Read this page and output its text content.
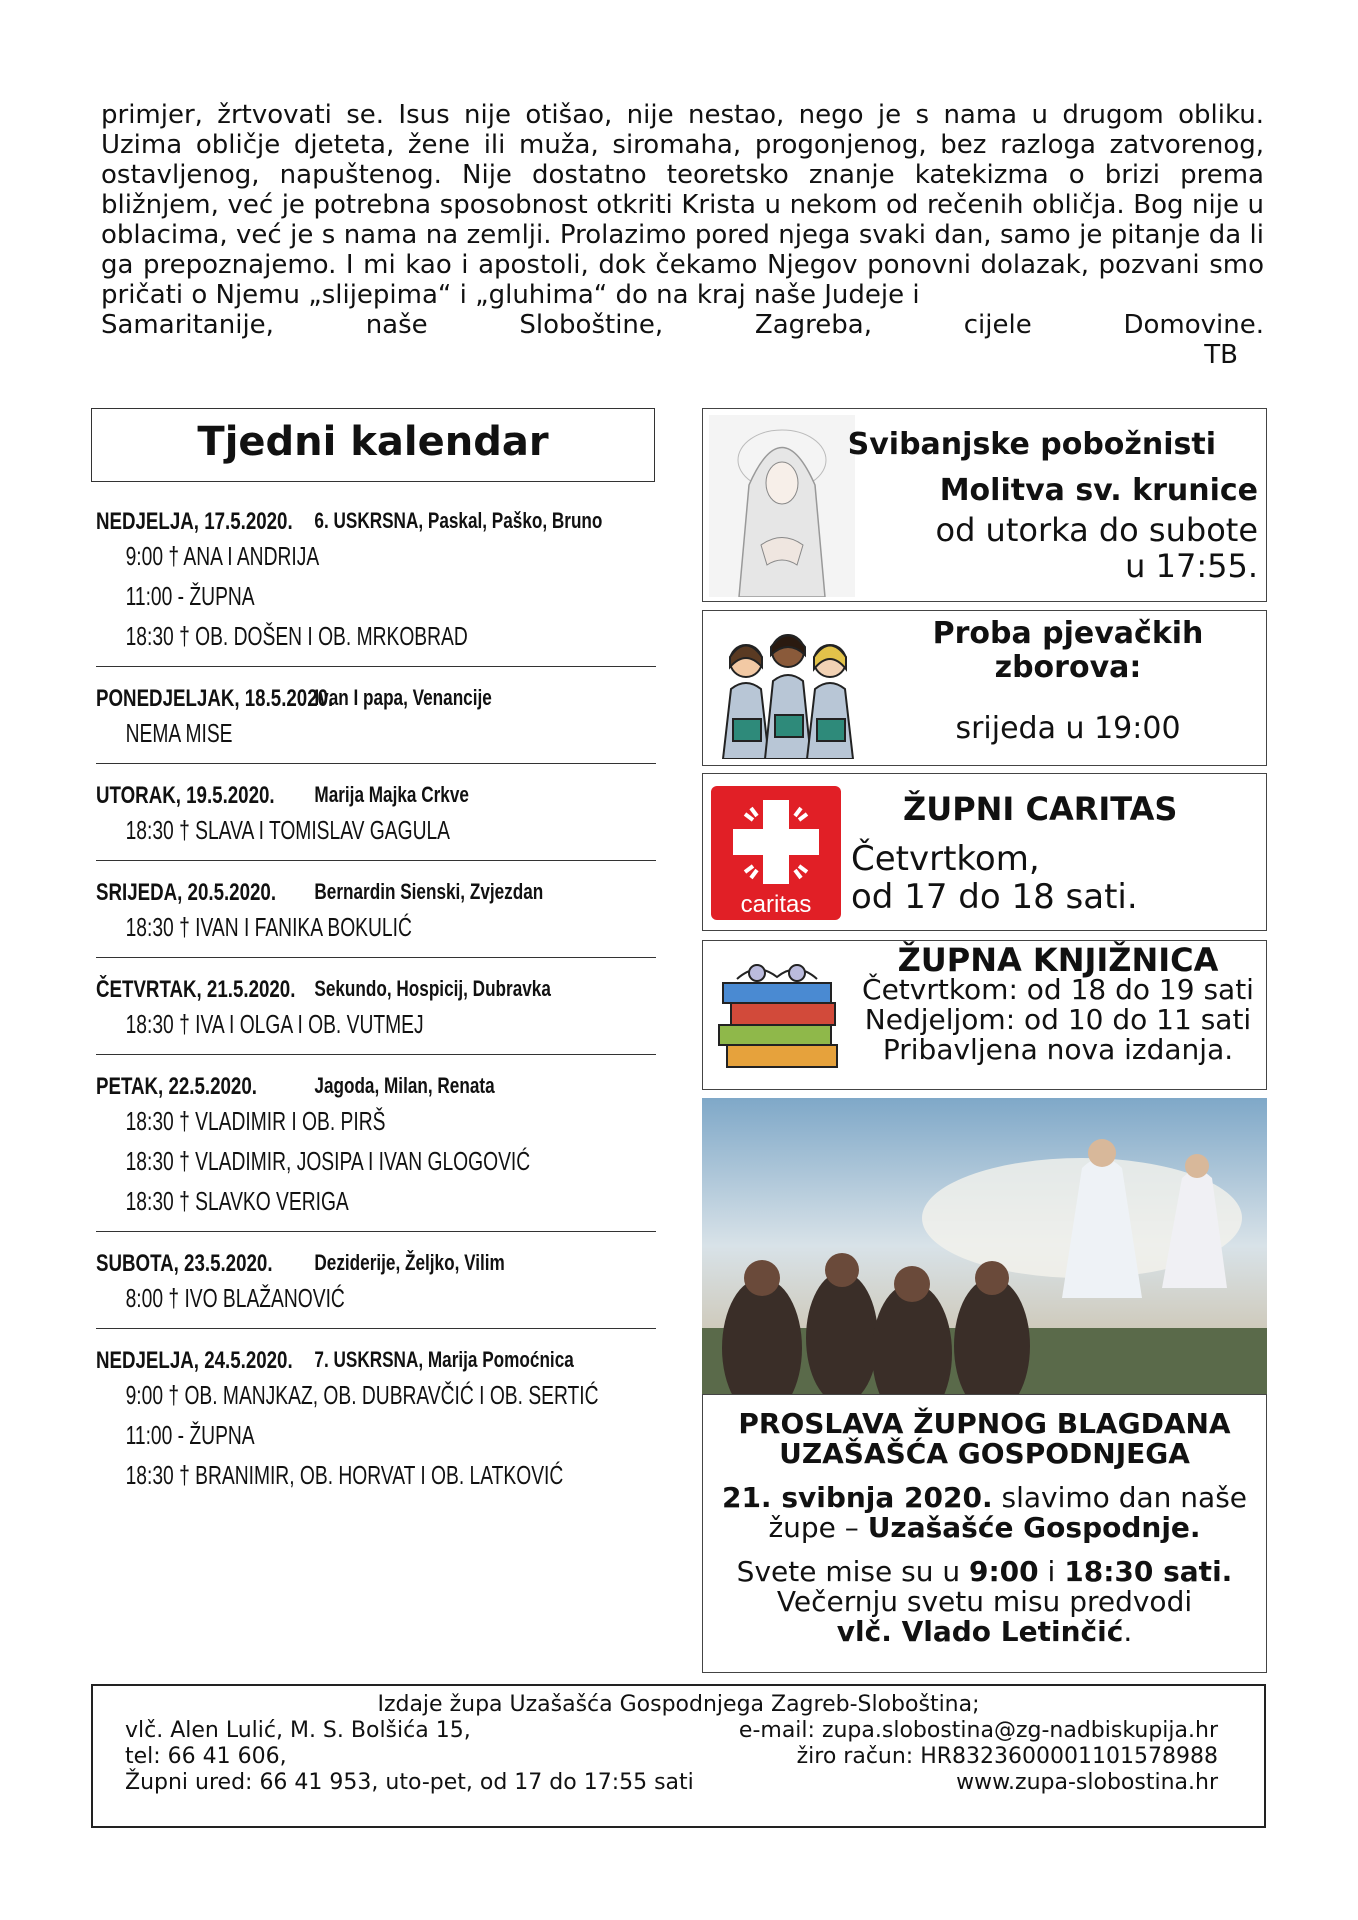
primjer, žrtvovati se. Isus nije otišao, nije nestao, nego je s nama u drugom obliku. Uzima obličje djeteta, žene ili muža, siromaha, progonjenog, bez razloga zatvorenog, ostavljenog, napuštenog. Nije dostatno teoretsko znanje katekizma o brizi prema bližnjem, već je potrebna sposobnost otkriti Krista u nekom od rečenih obličja. Bog nije u oblacima, već je s nama na zemlji. Prolazimo pored njega svaki dan, samo je pitanje da li ga prepoznajemo. I mi kao i apostoli, dok čekamo Njegov ponovni dolazak, pozvani smo pričati o Njemu „slijepima“ i „gluhima“ do na kraj naše Judeje i

Samaritanije, naše Sloboštine, Zagreba, cijele Domovine.

TB

Tjedni kalendar
NEDJELJA, 17.5.2020. 6. USKRSNA, Paskal, Paško, Bruno
9:00 † ANA I ANDRIJA
11:00 - ŽUPNA
18:30 † OB. DOŠEN I OB. MRKOBRAD
PONEDJELJAK, 18.5.2020.
Ivan I papa, Venancije
NEMA MISE
UTORAK, 19.5.2020.	Marija Majka Crkve
18:30 † SLAVA I TOMISLAV GAGULA
SRIJEDA, 20.5.2020.	Bernardin Sienski, Zvjezdan
18:30 † IVAN I FANIKA BOKULIĆ
ČETVRTAK, 21.5.2020. Sekundo, Hospicij, Dubravka
18:30 † IVA I OLGA I OB. VUTMEJ
PETAK, 22.5.2020.	Jagoda, Milan, Renata
18:30 † VLADIMIR I OB. PIRŠ
18:30 † VLADIMIR, JOSIPA I IVAN GLOGOVIĆ
18:30 † SLAVKO VERIGA
SUBOTA, 23.5.2020.	Deziderije, Željko, Vilim
8:00 † IVO BLAŽANOVIĆ
NEDJELJA, 24.5.2020. 7. USKRSNA, Marija Pomoćnica
9:00 † OB. MANJKAZ, OB. DUBRAVČIĆ I OB. SERTIĆ
11:00 - ŽUPNA
18:30 † BRANIMIR, OB. HORVAT I OB. LATKOVIĆ
Svibanjske pobožnisti
Molitva sv. krunice
od utorka do subote
u 17:55.
Proba pjevačkih zborova:
srijeda u 19:00
caritas
ŽUPNI CARITAS
Četvrtkom,
od 17 do 18 sati.
ŽUPNA KNJIŽNICA
Četvrtkom: od 18 do 19 sati
Nedjeljom: od 10 do 11 sati
Pribavljena nova izdanja.
PROSLAVA ŽUPNOG BLAGDANA
UZAŠAŠĆA GOSPODNJEGA
21. svibnja 2020. slavimo dan naše
župe – Uzašašće Gospodnje.
Svete mise su u 9:00 i 18:30 sati.
Večernju svetu misu predvodi
vlč. Vlado Letinčić.
Izdaje župa Uzašašća Gospodnjega Zagreb-Sloboština;
vlč. Alen Lulić, M. S. Bolšića 15,
tel: 66 41 606,
Župni ured: 66 41 953, uto-pet, od 17 do 17:55 sati
e-mail: zupa.slobostina@zg-nadbiskupija.hr
žiro račun: HR8323600001101578988
www.zupa-slobostina.hr
